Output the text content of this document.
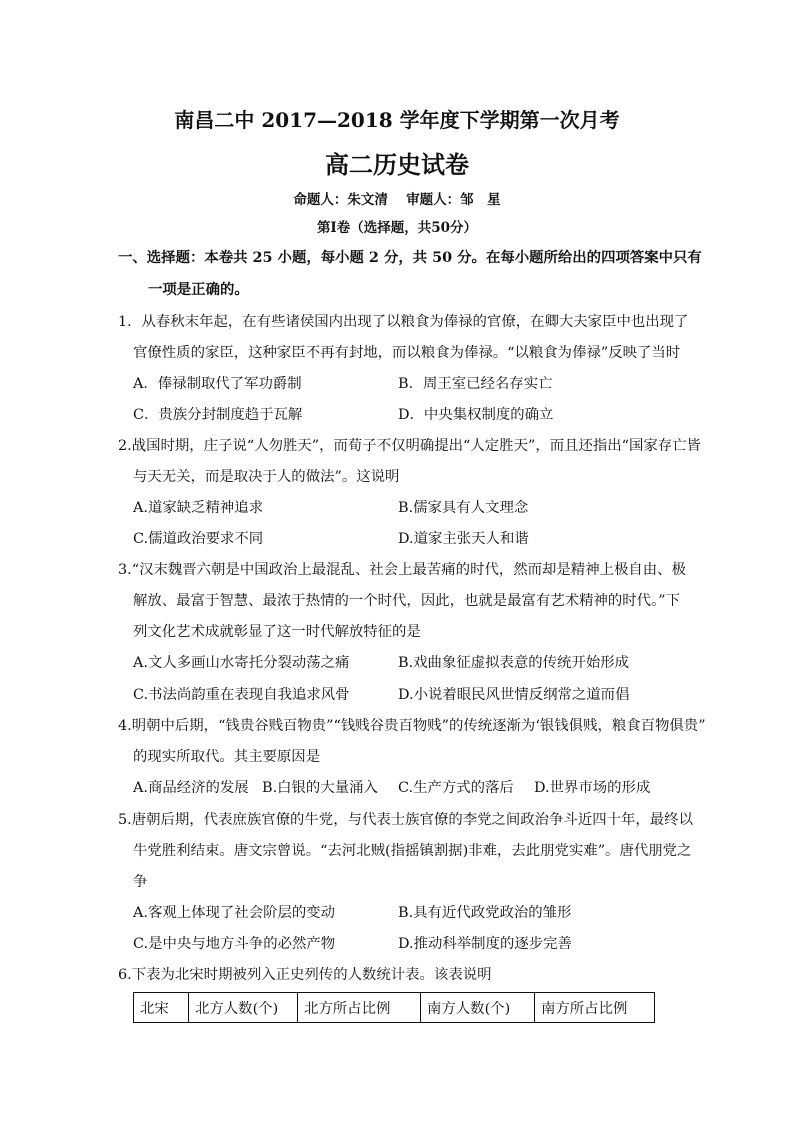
南昌二中 2017—2018 学年度下学期第一次月考
高二历史试卷
命题人：朱文清　 审题人：邹　星
第Ⅰ卷（选择题，共50分）
一、选择题：本卷共 25 小题，每小题 2 分，共 50 分。在每小题所给出的四项答案中只有
一项是正确的。
1．从春秋末年起，在有些诸侯国内出现了以粮食为俸禄的官僚，在卿大夫家臣中也出现了
官僚性质的家臣，这种家臣不再有封地，而以粮食为俸禄。“以粮食为俸禄”反映了当时
A．俸禄制取代了军功爵制	B．周王室已经名存实亡
C．贵族分封制度趋于瓦解	D．中央集权制度的确立
2.战国时期，庄子说“人勿胜天”，而荀子不仅明确提出“人定胜天”，而且还指出“国家存亡皆
与天无关，而是取决于人的做法”。这说明
A.道家缺乏精神追求	B.儒家具有人文理念
C.儒道政治要求不同	D.道家主张天人和谐
3.“汉末魏晋六朝是中国政治上最混乱、社会上最苦痛的时代，然而却是精神上极自由、极
解放、最富于智慧、最浓于热情的一个时代，因此，也就是最富有艺术精神的时代。”下
列文化艺术成就彰显了这一时代解放特征的是
A.文人多画山水寄托分裂动荡之痛	B.戏曲象征虚拟表意的传统开始形成
C.书法尚韵重在表现自我追求风骨	D.小说着眼民风世情反纲常之道而倡
4.明朝中后期，“钱贵谷贱百物贵”“钱贱谷贵百物贱”的传统逐渐为‘银钱俱贱，粮食百物俱贵”
的现实所取代。其主要原因是
A.商品经济的发展 B.白银的大量涌入 C.生产方式的落后 D.世界市场的形成
5.唐朝后期，代表庶族官僚的牛党，与代表士族官僚的李党之间政治争斗近四十年，最终以
牛党胜利结束。唐文宗曾说。“去河北贼(指摇镇割据)非难，去此朋党实难”。唐代朋党之
争
A.客观上体现了社会阶层的变动	B.具有近代政党政治的雏形
C.是中央与地方斗争的必然产物	D.推动科举制度的逐步完善
6.下表为北宋时期被列入正史列传的人数统计表。该表说明
北宋	北方人数(个)	北方所占比例	南方人数(个)	南方所占比例
